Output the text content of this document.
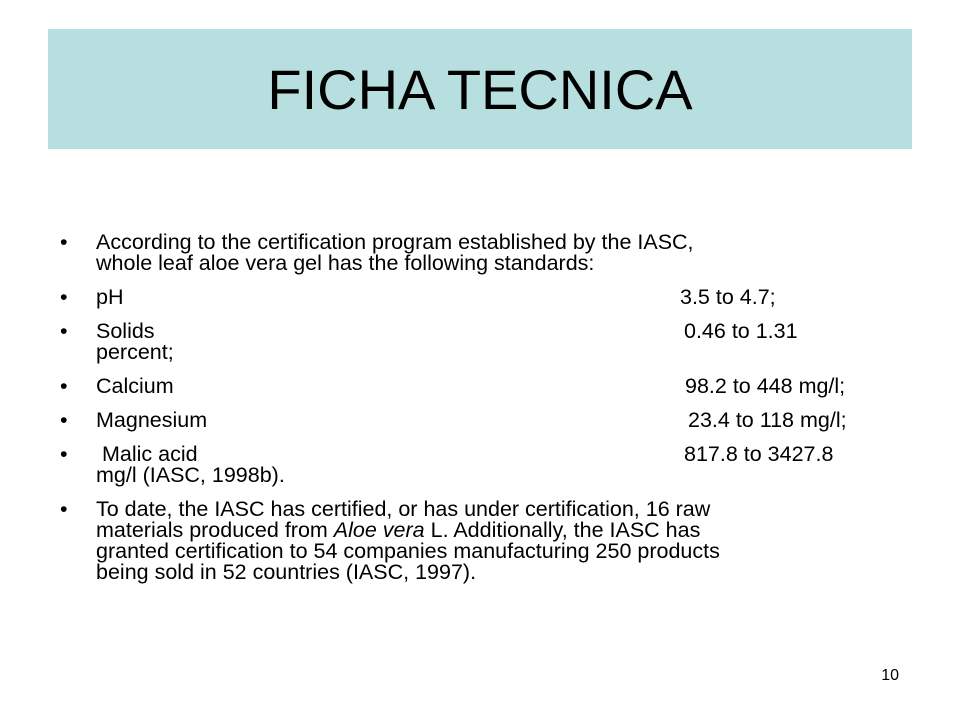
FICHA TECNICA
• According to the certification program established by the IASC,
whole leaf aloe vera gel has the following standards:
• pH	3.5 to 4.7;
• Solids	0.46 to 1.31
percent;
• Calcium	98.2 to 448 mg/l;
• Magnesium	23.4 to 118 mg/l;
• Malic acid	817.8 to 3427.8
mg/l (IASC, 1998b).
• To date, the IASC has certified, or has under certification, 16 raw
materials produced from Aloe vera L. Additionally, the IASC has
granted certification to 54 companies manufacturing 250 products
being sold in 52 countries (IASC, 1997).
10
